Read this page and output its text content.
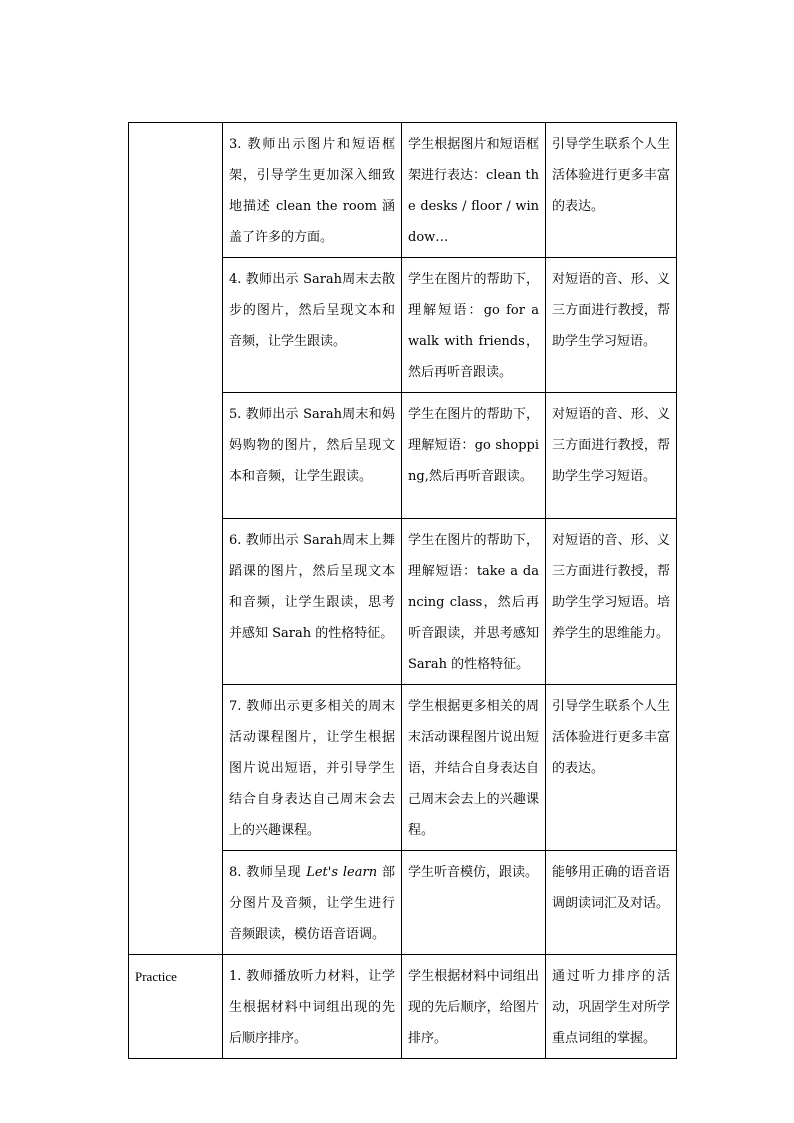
	3. 教师出示图片和短语框架，引导学生更加深入细致地描述 clean the room 涵盖了许多的方面。	学生根据图片和短语框架进行表达：clean the desks / floor / window…	引导学生联系个人生活体验进行更多丰富的表达。
	4. 教师出示 Sarah周末去散步的图片，然后呈现文本和音频，让学生跟读。	学生在图片的帮助下，理解短语：go for a walk with friends，然后再听音跟读。	对短语的音、形、义三方面进行教授，帮助学生学习短语。
	5. 教师出示 Sarah周末和妈妈购物的图片，然后呈现文本和音频，让学生跟读。	学生在图片的帮助下，理解短语：go shopping,然后再听音跟读。	对短语的音、形、义三方面进行教授，帮助学生学习短语。
	6. 教师出示 Sarah周末上舞蹈课的图片，然后呈现文本和音频，让学生跟读，思考并感知 Sarah 的性格特征。	学生在图片的帮助下，理解短语：take a dancing class，然后再听音跟读，并思考感知 Sarah 的性格特征。	对短语的音、形、义三方面进行教授，帮助学生学习短语。培养学生的思维能力。
	7. 教师出示更多相关的周末活动课程图片，让学生根据图片说出短语，并引导学生结合自身表达自己周末会去上的兴趣课程。	学生根据更多相关的周末活动课程图片说出短语，并结合自身表达自己周末会去上的兴趣课程。	引导学生联系个人生活体验进行更多丰富的表达。
	8. 教师呈现 Let's learn 部分图片及音频，让学生进行音频跟读，模仿语音语调。	学生听音模仿，跟读。	能够用正确的语音语调朗读词汇及对话。
Practice	1. 教师播放听力材料，让学生根据材料中词组出现的先后顺序排序。	学生根据材料中词组出现的先后顺序，给图片排序。	通过听力排序的活动，巩固学生对所学重点词组的掌握。
